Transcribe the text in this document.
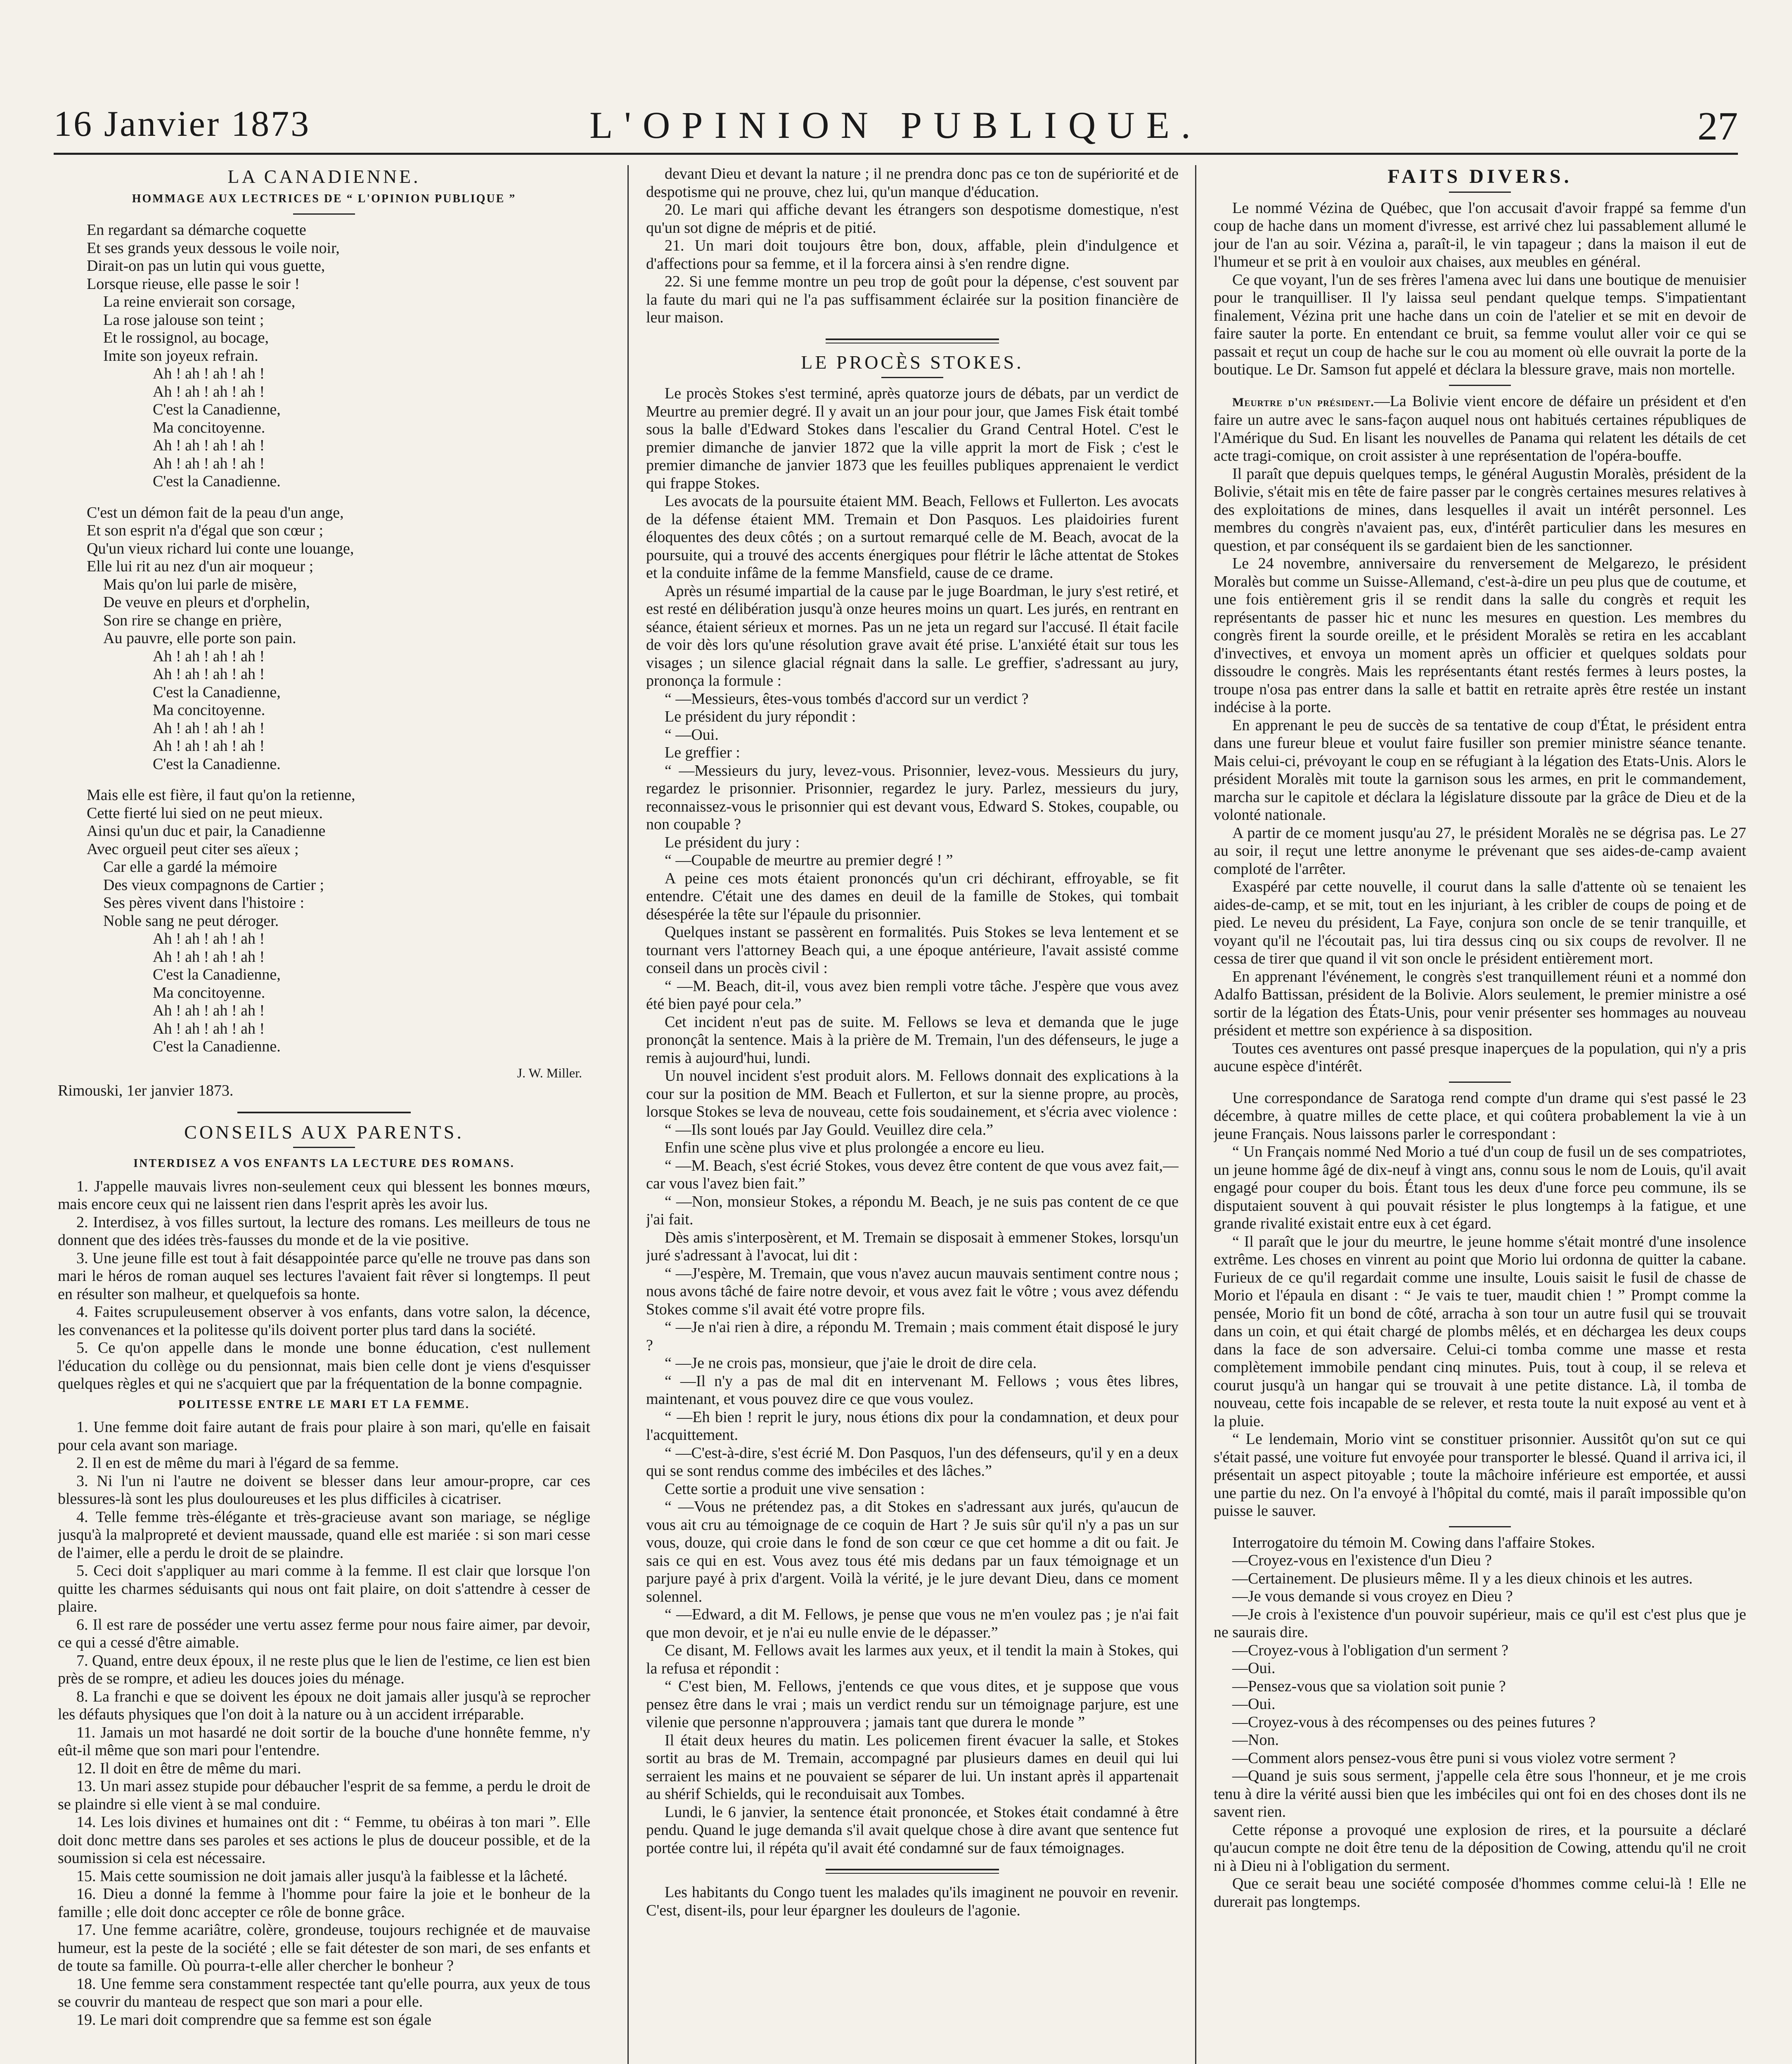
16 Janvier 1873	L'OPINION PUBLIQUE.	27
LA CANADIENNE.
HOMMAGE AUX LECTRICES DE “ L'OPINION PUBLIQUE ”

En regardant sa démarche coquette

Et ses grands yeux dessous le voile noir,

Dirait-on pas un lutin qui vous guette,

Lorsque rieuse, elle passe le soir !

La reine envierait son corsage,

La rose jalouse son teint ;

Et le rossignol, au bocage,

Imite son joyeux refrain.

Ah ! ah ! ah ! ah !

Ah ! ah ! ah ! ah !

C'est la Canadienne,

Ma concitoyenne.

Ah ! ah ! ah ! ah !

Ah ! ah ! ah ! ah !

C'est la Canadienne.

C'est un démon fait de la peau d'un ange,

Et son esprit n'a d'égal que son cœur ;

Qu'un vieux richard lui conte une louange,

Elle lui rit au nez d'un air moqueur ;

Mais qu'on lui parle de misère,

De veuve en pleurs et d'orphelin,

Son rire se change en prière,

Au pauvre, elle porte son pain.

Ah ! ah ! ah ! ah !

Ah ! ah ! ah ! ah !

C'est la Canadienne,

Ma concitoyenne.

Ah ! ah ! ah ! ah !

Ah ! ah ! ah ! ah !

C'est la Canadienne.

Mais elle est fière, il faut qu'on la retienne,

Cette fierté lui sied on ne peut mieux.

Ainsi qu'un duc et pair, la Canadienne

Avec orgueil peut citer ses aïeux ;

Car elle a gardé la mémoire

Des vieux compagnons de Cartier ;

Ses pères vivent dans l'histoire :

Noble sang ne peut déroger.

Ah ! ah ! ah ! ah !

Ah ! ah ! ah ! ah !

C'est la Canadienne,

Ma concitoyenne.

Ah ! ah ! ah ! ah !

Ah ! ah ! ah ! ah !

C'est la Canadienne.

J. W. Miller.
Rimouski, 1er janvier 1873.
CONSEILS AUX PARENTS.
INTERDISEZ A VOS ENFANTS LA LECTURE DES ROMANS.

1. J'appelle mauvais livres non-seulement ceux qui blessent les bonnes mœurs, mais encore ceux qui ne laissent rien dans l'esprit après les avoir lus.

2. Interdisez, à vos filles surtout, la lecture des romans. Les meilleurs de tous ne donnent que des idées très-fausses du monde et de la vie positive.

3. Une jeune fille est tout à fait désappointée parce qu'elle ne trouve pas dans son mari le héros de roman auquel ses lectures l'avaient fait rêver si longtemps. Il peut en résulter son malheur, et quelquefois sa honte.

4. Faites scrupuleusement observer à vos enfants, dans votre salon, la décence, les convenances et la politesse qu'ils doivent porter plus tard dans la société.

5. Ce qu'on appelle dans le monde une bonne éducation, c'est nullement l'éducation du collège ou du pensionnat, mais bien celle dont je viens d'esquisser quelques règles et qui ne s'acquiert que par la fréquentation de la bonne compagnie.

POLITESSE ENTRE LE MARI ET LA FEMME.

1. Une femme doit faire autant de frais pour plaire à son mari, qu'elle en faisait pour cela avant son mariage.

2. Il en est de même du mari à l'égard de sa femme.

3. Ni l'un ni l'autre ne doivent se blesser dans leur amour-propre, car ces blessures-là sont les plus douloureuses et les plus difficiles à cicatriser.

4. Telle femme très-élégante et très-gracieuse avant son mariage, se néglige jusqu'à la malpropreté et devient maussade, quand elle est mariée : si son mari cesse de l'aimer, elle a perdu le droit de se plaindre.

5. Ceci doit s'appliquer au mari comme à la femme. Il est clair que lorsque l'on quitte les charmes séduisants qui nous ont fait plaire, on doit s'attendre à cesser de plaire.

6. Il est rare de posséder une vertu assez ferme pour nous faire aimer, par devoir, ce qui a cessé d'être aimable.

7. Quand, entre deux époux, il ne reste plus que le lien de l'estime, ce lien est bien près de se rompre, et adieu les douces joies du ménage.

8. La franchi e que se doivent les époux ne doit jamais aller jusqu'à se reprocher les défauts physiques que l'on doit à la nature ou à un accident irréparable.

11. Jamais un mot hasardé ne doit sortir de la bouche d'une honnête femme, n'y eût-il même que son mari pour l'entendre.

12. Il doit en être de même du mari.

13. Un mari assez stupide pour débaucher l'esprit de sa femme, a perdu le droit de se plaindre si elle vient à se mal conduire.

14. Les lois divines et humaines ont dit : “ Femme, tu obéiras à ton mari ”. Elle doit donc mettre dans ses paroles et ses actions le plus de douceur possible, et de la soumission si cela est nécessaire.

15. Mais cette soumission ne doit jamais aller jusqu'à la faiblesse et la lâcheté.

16. Dieu a donné la femme à l'homme pour faire la joie et le bonheur de la famille ; elle doit donc accepter ce rôle de bonne grâce.

17. Une femme acariâtre, colère, grondeuse, toujours rechignée et de mauvaise humeur, est la peste de la société ; elle se fait détester de son mari, de ses enfants et de toute sa famille. Où pourra-t-elle aller chercher le bonheur ?

18. Une femme sera constamment respectée tant qu'elle pourra, aux yeux de tous se couvrir du manteau de respect que son mari a pour elle.

19. Le mari doit comprendre que sa femme est son égale

devant Dieu et devant la nature ; il ne prendra donc pas ce ton de supériorité et de despotisme qui ne prouve, chez lui, qu'un manque d'éducation.

20. Le mari qui affiche devant les étrangers son despotisme domestique, n'est qu'un sot digne de mépris et de pitié.

21. Un mari doit toujours être bon, doux, affable, plein d'indulgence et d'affections pour sa femme, et il la forcera ainsi à s'en rendre digne.

22. Si une femme montre un peu trop de goût pour la dépense, c'est souvent par la faute du mari qui ne l'a pas suffisamment éclairée sur la position financière de leur maison.

LE PROCÈS STOKES.

Le procès Stokes s'est terminé, après quatorze jours de débats, par un verdict de Meurtre au premier degré. Il y avait un an jour pour jour, que James Fisk était tombé sous la balle d'Edward Stokes dans l'escalier du Grand Central Hotel. C'est le premier dimanche de janvier 1872 que la ville apprit la mort de Fisk ; c'est le premier dimanche de janvier 1873 que les feuilles publiques apprenaient le verdict qui frappe Stokes.

Les avocats de la poursuite étaient MM. Beach, Fellows et Fullerton. Les avocats de la défense étaient MM. Tremain et Don Pasquos. Les plaidoiries furent éloquentes des deux côtés ; on a surtout remarqué celle de M. Beach, avocat de la poursuite, qui a trouvé des accents énergiques pour flétrir le lâche attentat de Stokes et la conduite infâme de la femme Mansfield, cause de ce drame.

Après un résumé impartial de la cause par le juge Boardman, le jury s'est retiré, et est resté en délibération jusqu'à onze heures moins un quart. Les jurés, en rentrant en séance, étaient sérieux et mornes. Pas un ne jeta un regard sur l'accusé. Il était facile de voir dès lors qu'une résolution grave avait été prise. L'anxiété était sur tous les visages ; un silence glacial régnait dans la salle. Le greffier, s'adressant au jury, prononça la formule :

“ —Messieurs, êtes-vous tombés d'accord sur un verdict ?

Le président du jury répondit :

“ —Oui.

Le greffier :

“ —Messieurs du jury, levez-vous. Prisonnier, levez-vous. Messieurs du jury, regardez le prisonnier. Prisonnier, regardez le jury. Parlez, messieurs du jury, reconnaissez-vous le prisonnier qui est devant vous, Edward S. Stokes, coupable, ou non coupable ?

Le président du jury :

“ —Coupable de meurtre au premier degré ! ”

A peine ces mots étaient prononcés qu'un cri déchirant, effroyable, se fit entendre. C'était une des dames en deuil de la famille de Stokes, qui tombait désespérée la tête sur l'épaule du prisonnier.

Quelques instant se passèrent en formalités. Puis Stokes se leva lentement et se tournant vers l'attorney Beach qui, a une époque antérieure, l'avait assisté comme conseil dans un procès civil :

“ —M. Beach, dit-il, vous avez bien rempli votre tâche. J'espère que vous avez été bien payé pour cela.”

Cet incident n'eut pas de suite. M. Fellows se leva et demanda que le juge prononçât la sentence. Mais à la prière de M. Tremain, l'un des défenseurs, le juge a remis à aujourd'hui, lundi.

Un nouvel incident s'est produit alors. M. Fellows donnait des explications à la cour sur la position de MM. Beach et Fullerton, et sur la sienne propre, au procès, lorsque Stokes se leva de nouveau, cette fois soudainement, et s'écria avec violence :

“ —Ils sont loués par Jay Gould. Veuillez dire cela.”

Enfin une scène plus vive et plus prolongée a encore eu lieu.

“ —M. Beach, s'est écrié Stokes, vous devez être content de que vous avez fait,—car vous l'avez bien fait.”

“ —Non, monsieur Stokes, a répondu M. Beach, je ne suis pas content de ce que j'ai fait.

Dès amis s'interposèrent, et M. Tremain se disposait à emmener Stokes, lorsqu'un juré s'adressant à l'avocat, lui dit :

“ —J'espère, M. Tremain, que vous n'avez aucun mauvais sentiment contre nous ; nous avons tâché de faire notre devoir, et vous avez fait le vôtre ; vous avez défendu Stokes comme s'il avait été votre propre fils.

“ —Je n'ai rien à dire, a répondu M. Tremain ; mais comment était disposé le jury ?

“ —Je ne crois pas, monsieur, que j'aie le droit de dire cela.

“ —Il n'y a pas de mal dit en intervenant M. Fellows ; vous êtes libres, maintenant, et vous pouvez dire ce que vous voulez.

“ —Eh bien ! reprit le jury, nous étions dix pour la condamnation, et deux pour l'acquittement.

“ —C'est-à-dire, s'est écrié M. Don Pasquos, l'un des défenseurs, qu'il y en a deux qui se sont rendus comme des imbéciles et des lâches.”

Cette sortie a produit une vive sensation :

“ —Vous ne prétendez pas, a dit Stokes en s'adressant aux jurés, qu'aucun de vous ait cru au témoignage de ce coquin de Hart ? Je suis sûr qu'il n'y a pas un sur vous, douze, qui croie dans le fond de son cœur ce que cet homme a dit ou fait. Je sais ce qui en est. Vous avez tous été mis dedans par un faux témoignage et un parjure payé à prix d'argent. Voilà la vérité, je le jure devant Dieu, dans ce moment solennel.

“ —Edward, a dit M. Fellows, je pense que vous ne m'en voulez pas ; je n'ai fait que mon devoir, et je n'ai eu nulle envie de le dépasser.”

Ce disant, M. Fellows avait les larmes aux yeux, et il tendit la main à Stokes, qui la refusa et répondit :

“ C'est bien, M. Fellows, j'entends ce que vous dites, et je suppose que vous pensez être dans le vrai ; mais un verdict rendu sur un témoignage parjure, est une vilenie que personne n'approuvera ; jamais tant que durera le monde ”

Il était deux heures du matin. Les policemen firent évacuer la salle, et Stokes sortit au bras de M. Tremain, accompagné par plusieurs dames en deuil qui lui serraient les mains et ne pouvaient se séparer de lui. Un instant après il appartenait au shérif Schields, qui le reconduisait aux Tombes.

Lundi, le 6 janvier, la sentence était prononcée, et Stokes était condamné à être pendu. Quand le juge demanda s'il avait quelque chose à dire avant que sentence fut portée contre lui, il répéta qu'il avait été condamné sur de faux témoignages.

Les habitants du Congo tuent les malades qu'ils imaginent ne pouvoir en revenir. C'est, disent-ils, pour leur épargner les douleurs de l'agonie.

FAITS DIVERS.

Le nommé Vézina de Québec, que l'on accusait d'avoir frappé sa femme d'un coup de hache dans un moment d'ivresse, est arrivé chez lui passablement allumé le jour de l'an au soir. Vézina a, paraît-il, le vin tapageur ; dans la maison il eut de l'humeur et se prit à en vouloir aux chaises, aux meubles en général.

Ce que voyant, l'un de ses frères l'amena avec lui dans une boutique de menuisier pour le tranquilliser. Il l'y laissa seul pendant quelque temps. S'impatientant finalement, Vézina prit une hache dans un coin de l'atelier et se mit en devoir de faire sauter la porte. En entendant ce bruit, sa femme voulut aller voir ce qui se passait et reçut un coup de hache sur le cou au moment où elle ouvrait la porte de la boutique. Le Dr. Samson fut appelé et déclara la blessure grave, mais non mortelle.

Meurtre d'un président.—La Bolivie vient encore de défaire un président et d'en faire un autre avec le sans-façon auquel nous ont habitués certaines républiques de l'Amérique du Sud. En lisant les nouvelles de Panama qui relatent les détails de cet acte tragi-comique, on croit assister à une représentation de l'opéra-bouffe.

Il paraît que depuis quelques temps, le général Augustin Moralès, président de la Bolivie, s'était mis en tête de faire passer par le congrès certaines mesures relatives à des exploitations de mines, dans lesquelles il avait un intérêt personnel. Les membres du congrès n'avaient pas, eux, d'intérêt particulier dans les mesures en question, et par conséquent ils se gardaient bien de les sanctionner.

Le 24 novembre, anniversaire du renversement de Melgarezo, le président Moralès but comme un Suisse-Allemand, c'est-à-dire un peu plus que de coutume, et une fois entièrement gris il se rendit dans la salle du congrès et requit les représentants de passer hic et nunc les mesures en question. Les membres du congrès firent la sourde oreille, et le président Moralès se retira en les accablant d'invectives, et envoya un moment après un officier et quelques soldats pour dissoudre le congrès. Mais les représentants étant restés fermes à leurs postes, la troupe n'osa pas entrer dans la salle et battit en retraite après être restée un instant indécise à la porte.

En apprenant le peu de succès de sa tentative de coup d'État, le président entra dans une fureur bleue et voulut faire fusiller son premier ministre séance tenante. Mais celui-ci, prévoyant le coup en se réfugiant à la légation des Etats-Unis. Alors le président Moralès mit toute la garnison sous les armes, en prit le commandement, marcha sur le capitole et déclara la législature dissoute par la grâce de Dieu et de la volonté nationale.

A partir de ce moment jusqu'au 27, le président Moralès ne se dégrisa pas. Le 27 au soir, il reçut une lettre anonyme le prévenant que ses aides-de-camp avaient comploté de l'arrêter.

Exaspéré par cette nouvelle, il courut dans la salle d'attente où se tenaient les aides-de-camp, et se mit, tout en les injuriant, à les cribler de coups de poing et de pied. Le neveu du président, La Faye, conjura son oncle de se tenir tranquille, et voyant qu'il ne l'écoutait pas, lui tira dessus cinq ou six coups de revolver. Il ne cessa de tirer que quand il vit son oncle le président entièrement mort.

En apprenant l'événement, le congrès s'est tranquillement réuni et a nommé don Adalfo Battissan, président de la Bolivie. Alors seulement, le premier ministre a osé sortir de la légation des États-Unis, pour venir présenter ses hommages au nouveau président et mettre son expérience à sa disposition.

Toutes ces aventures ont passé presque inaperçues de la population, qui n'y a pris aucune espèce d'intérêt.

Une correspondance de Saratoga rend compte d'un drame qui s'est passé le 23 décembre, à quatre milles de cette place, et qui coûtera probablement la vie à un jeune Français. Nous laissons parler le correspondant :

“ Un Français nommé Ned Morio a tué d'un coup de fusil un de ses compatriotes, un jeune homme âgé de dix-neuf à vingt ans, connu sous le nom de Louis, qu'il avait engagé pour couper du bois. Étant tous les deux d'une force peu commune, ils se disputaient souvent à qui pouvait résister le plus longtemps à la fatigue, et une grande rivalité existait entre eux à cet égard.

“ Il paraît que le jour du meurtre, le jeune homme s'était montré d'une insolence extrême. Les choses en vinrent au point que Morio lui ordonna de quitter la cabane. Furieux de ce qu'il regardait comme une insulte, Louis saisit le fusil de chasse de Morio et l'épaula en disant : “ Je vais te tuer, maudit chien ! ” Prompt comme la pensée, Morio fit un bond de côté, arracha à son tour un autre fusil qui se trouvait dans un coin, et qui était chargé de plombs mêlés, et en déchargea les deux coups dans la face de son adversaire. Celui-ci tomba comme une masse et resta complètement immobile pendant cinq minutes. Puis, tout à coup, il se releva et courut jusqu'à un hangar qui se trouvait à une petite distance. Là, il tomba de nouveau, cette fois incapable de se relever, et resta toute la nuit exposé au vent et à la pluie.

“ Le lendemain, Morio vint se constituer prisonnier. Aussitôt qu'on sut ce qui s'était passé, une voiture fut envoyée pour transporter le blessé. Quand il arriva ici, il présentait un aspect pitoyable ; toute la mâchoire inférieure est emportée, et aussi une partie du nez. On l'a envoyé à l'hôpital du comté, mais il paraît impossible qu'on puisse le sauver.

Interrogatoire du témoin M. Cowing dans l'affaire Stokes.

—Croyez-vous en l'existence d'un Dieu ?

—Certainement. De plusieurs même. Il y a les dieux chinois et les autres.

—Je vous demande si vous croyez en Dieu ?

—Je crois à l'existence d'un pouvoir supérieur, mais ce qu'il est c'est plus que je ne saurais dire.

—Croyez-vous à l'obligation d'un serment ?

—Oui.

—Pensez-vous que sa violation soit punie ?

—Oui.

—Croyez-vous à des récompenses ou des peines futures ?

—Non.

—Comment alors pensez-vous être puni si vous violez votre serment ?

—Quand je suis sous serment, j'appelle cela être sous l'honneur, et je me crois tenu à dire la vérité aussi bien que les imbéciles qui ont foi en des choses dont ils ne savent rien.

Cette réponse a provoqué une explosion de rires, et la poursuite a déclaré qu'aucun compte ne doit être tenu de la déposition de Cowing, attendu qu'il ne croit ni à Dieu ni à l'obligation du serment.

Que ce serait beau une société composée d'hommes comme celui-là ! Elle ne durerait pas longtemps.
